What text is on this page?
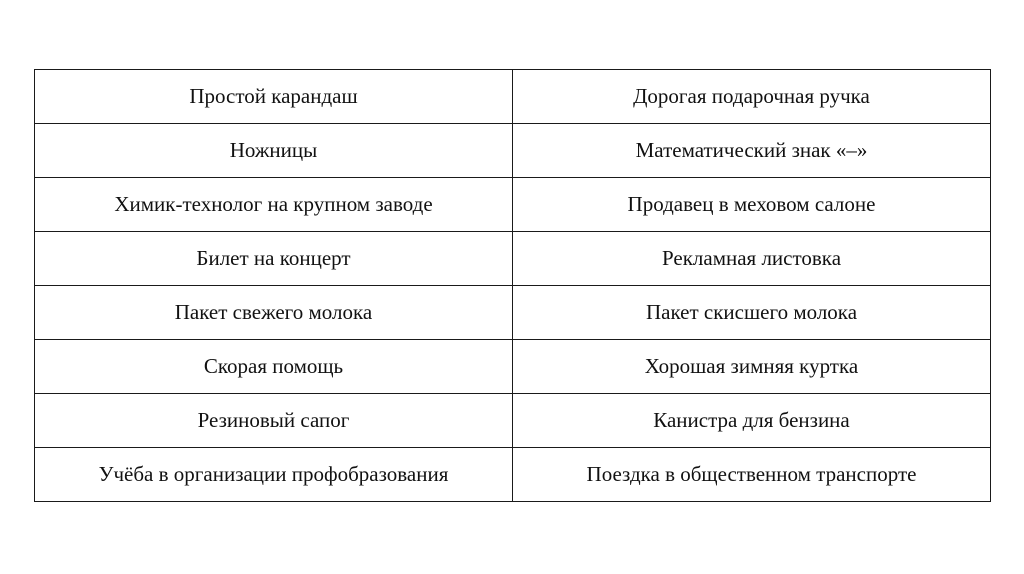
Простой карандаш	Дорогая подарочная ручка
Ножницы	Математический знак «–»
Химик-технолог на крупном заводе	Продавец в меховом салоне
Билет на концерт	Рекламная листовка
Пакет свежего молока	Пакет скисшего молока
Скорая помощь	Хорошая зимняя куртка
Резиновый сапог	Канистра для бензина
Учёба в организации профобразования	Поездка в общественном транспорте
